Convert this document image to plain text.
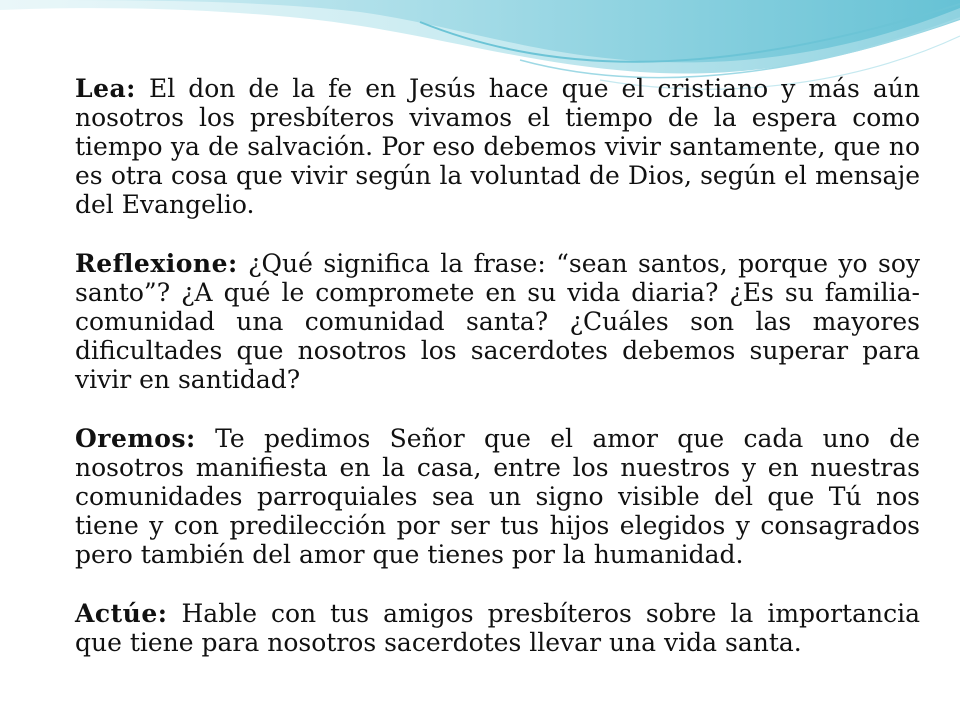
Lea: El don de la fe en Jesús hace que el cristiano y más aún nosotros los presbíteros vivamos el tiempo de la espera como tiempo ya de salvación. Por eso debemos vivir santamente, que no es otra cosa que vivir según la voluntad de Dios, según el mensaje del Evangelio.

Reflexione: ¿Qué significa la frase: “sean santos, porque yo soy santo”? ¿A qué le compromete en su vida diaria? ¿Es su familia-comunidad una comunidad santa? ¿Cuáles son las mayores dificultades que nosotros los sacerdotes debemos superar para vivir en santidad?

Oremos: Te pedimos Señor que el amor que cada uno de nosotros manifiesta en la casa, entre los nuestros y en nuestras comunidades parroquiales sea un signo visible del que Tú nos tiene y con predilección por ser tus hijos elegidos y consagrados pero también del amor que tienes por la humanidad.

Actúe: Hable con tus amigos presbíteros sobre la importancia que tiene para nosotros sacerdotes llevar una vida santa.
